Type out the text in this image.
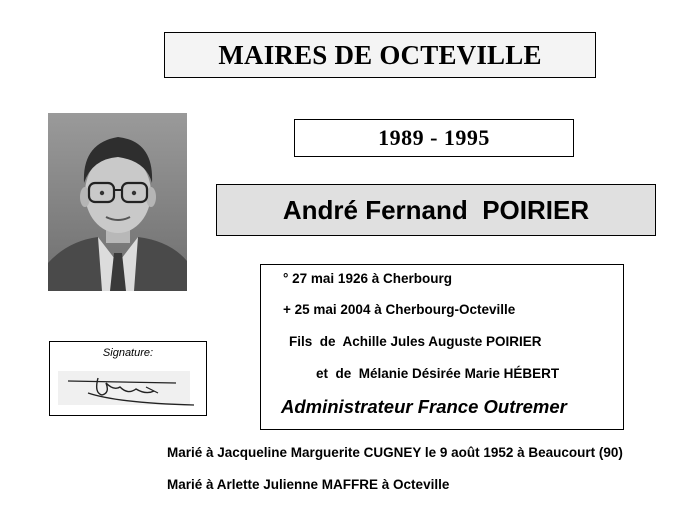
MAIRES DE OCTEVILLE
1989 - 1995
André Fernand  POIRIER
° 27 mai 1926 à Cherbourg
+ 25 mai 2004 à Cherbourg-Octeville
Fils  de  Achille Jules Auguste POIRIER
et  de  Mélanie Désirée Marie HÉBERT
Administrateur France Outremer
Signature:
Marié à Jacqueline Marguerite CUGNEY le 9 août 1952 à Beaucourt (90)
Marié à Arlette Julienne MAFFRE à Octeville
